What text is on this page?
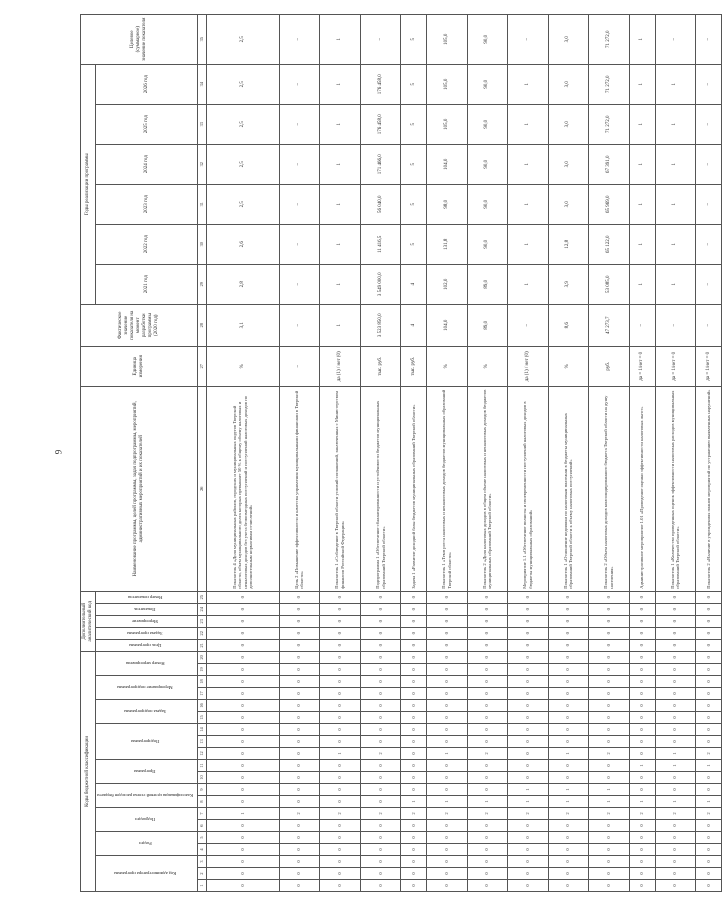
9
Коды бюджетной классификации																				Дополнительный аналитический код					Наименование программы, целей программы, задач подпрограммы, мероприятий, административных мероприятий и их показателей	Единица измерения	Фактическое значение показателя на момент разработки программы (2020 год)	Годы реализации программы						Целевое (суммарное) значение показателя	
Код администратора программы			Раздел		Подраздел		Классификация целевой статьи расходов бюджета		Программа		Подпрограмма			Задача подпрограммы		Мероприятие подпрограммы		Номер мероприятия		Цель программы	Задача программы	Мероприятие	Показатель	Номер показателя				2021 год	2022 год	2023 год	2024 год	2025 год	2026 год		

1	2	3	4	5	6	7	8	9	10	11	12	13	14	15	16	17	18	19	20	21	22	23	24	25	26	27	28	29	30	31	32	33	34	35		
0	0	0	0	0	0	1	0	0	0	0	0	0	0	0	0	0	0	0	0	0	0	0	0	0	Показатель 4 «Доля муниципальных районов, городских и муниципальных округов Тверской области, объем муниципального долга которых превышает 50 % к общему объему налоговых и неналоговых доходов без учета безвозмездных поступлений и поступлений налоговых доходов по дополнительным нормативам отчислений»	%	3,1	2,8	2,6	2,5	2,5	2,5	2,5	2,5	
0	0	0	0	0	0	2	0	0	0	0	0	0	0	0	0	0	0	0	0	0	0	0	0	0	Цель 2 «Повышение эффективности и качества управления муниципальными финансами в Тверской области»	–	–	–	–	–	–	–	–	–	
0	0	0	0	0	0	2	0	0	0	0	1	0	0	0	0	0	0	0	0	0	0	0	0	0	Показатель 1 «Соблюдение в Тверской области условий соглашений, заключенных с Министерством финансов Российской Федерации»	да (1) / нет (0)	1	1	1	1	1	1	1	1	
0	0	0	0	0	0	2	0	0	0	0	2	0	0	0	0	0	0	0	0	0	0	0	0	0	Подпрограмма 1 «Обеспечение сбалансированности и устойчивости бюджетов муниципальных образований Тверской области»	тыс. руб.	3 523 850,0	3 549 000,0	11 416,5	56 040,0	171 466,0	176 458,0	176 458,0	–	
0	0	0	0	0	0	2	1	0	0	0	0	0	0	0	0	0	0	0	0	0	0	0	0	0	Задача 1 «Развитие доходной базы бюджетов муниципальных образований Тверской области»	тыс. руб.	4	4	5	5	5	5	5	5	
0	0	0	0	0	0	2	1	0	0	0	1	0	0	0	0	0	0	0	0	0	0	0	0	0	Показатель 1 «Темп роста налоговых и неналоговых доходов бюджетов муниципальных образований Тверской области»	%	104,0	102,0	131,8	98,0	104,0	105,0	105,0	105,0	
0	0	0	0	0	0	2	1	0	0	0	2	0	0	0	0	0	0	0	0	0	0	0	0	0	Показатель 2 «Доля налоговых доходов в общем объеме налоговых и неналоговых доходов бюджетов муниципальных образований Тверской области»	%	89,0	89,0	90,0	90,0	90,0	90,0	90,0	90,0	
0	0	0	0	0	0	2	1	1	0	0	0	0	0	0	0	0	0	0	0	0	0	0	0	0	Мероприятие 1.1 «Обеспечение полноты и своевременности поступлений налоговых доходов в бюджеты муниципальных образований»	да (1) / нет (0)	–	1	1	1	1	1	1	–	
0	0	0	0	0	0	2	1	1	0	0	1	0	0	0	0	0	0	0	0	0	0	0	0	0	Показатель 1 «Отношение недоимки по налоговым платежам в бюджеты муниципальных образований Тверской области к объему налоговых поступлений»	%	8,6	3,9	12,8	3,0	3,0	3,0	3,0	3,0	
0	0	0	0	0	0	2	1	1	0	0	2	0	0	0	0	0	0	0	0	0	0	0	0	0	Показатель 2 «Объем налоговых доходов консолидированного бюджета Тверской области на душу населения»	руб.	47 273,7	53 085,0	65 122,0	65 969,0	67 391,0	71 272,0	71 272,0	71 272,0	
0	0	0	0	0	0	2	1	0	0	1	0	0	0	0	0	0	0	0	0	0	0	0	0	0	Административное мероприятие 1.01 «Проведение оценки эффективности налоговых льгот»	да = 1/нет = 0	–	1	1	1	1	1	1	1	
0	0	0	0	0	0	2	1	0	0	1	1	0	0	0	0	0	0	0	0	0	0	0	0	0	Показатель 1 «Количество проведенных оценок эффективности налоговых расходов муниципальных образований Тверской области»	да = 1/нет = 0	–	1	1	1	1	1	1	–	
0	0	0	0	0	0	2	1	0	0	1	2	0	0	0	0	0	0	0	0	0	0	0	0	0	Показатель 2 «Наличие в учреждениях планов мероприятий по устранению выявленных нарушений»	да = 1/нет = 0	–	–	–	–	–	–	–	–	
